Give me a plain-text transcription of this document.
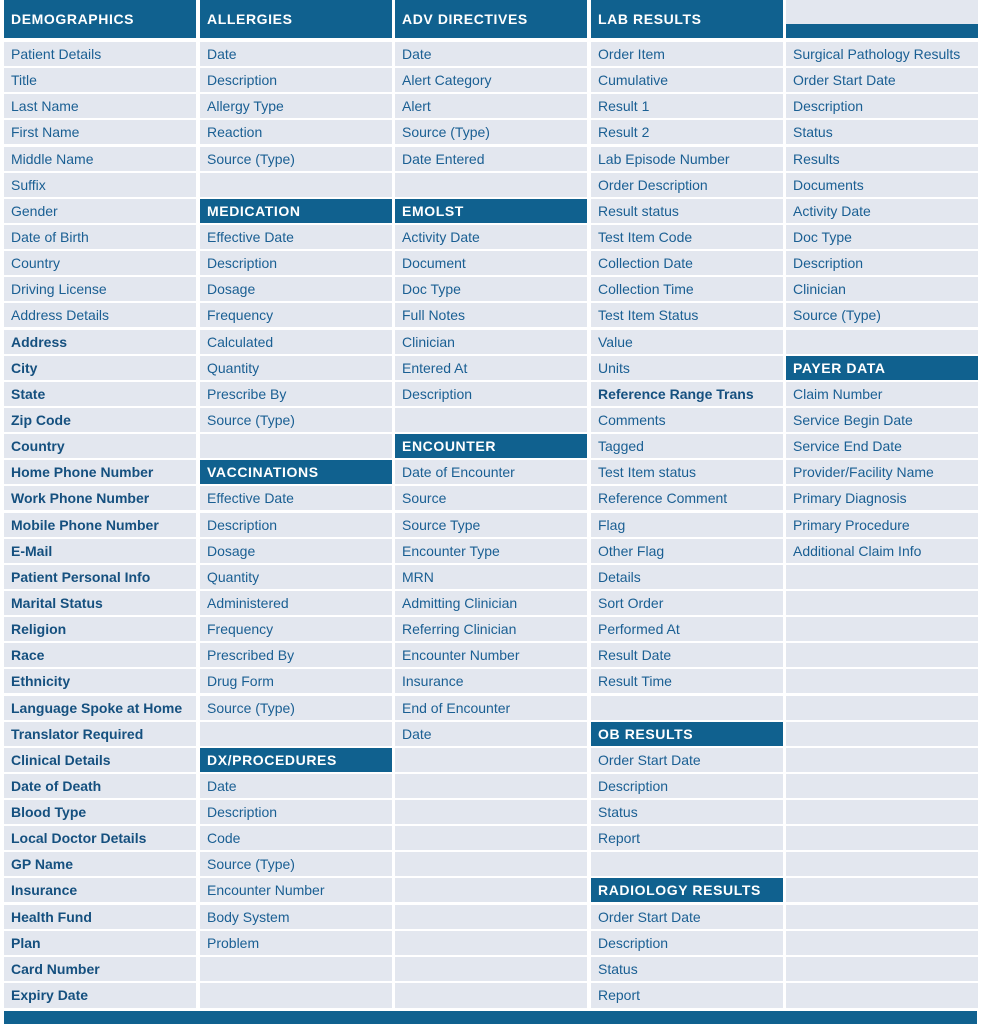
DEMOGRAPHICS
Patient Details
Title
Last Name
First Name
Middle Name
Suffix
Gender
Date of Birth
Country
Driving License
Address Details
Address
City
State
Zip Code
Country
Home Phone Number
Work Phone Number
Mobile Phone Number
E-Mail
Patient Personal Info
Marital Status
Religion
Race
Ethnicity
Language Spoke at Home
Translator Required
Clinical Details
Date of Death
Blood Type
Local Doctor Details
GP Name
Insurance
Health Fund
Plan
Card Number
Expiry Date
ALLERGIES
Date
Description
Allergy Type
Reaction
Source (Type)
MEDICATION
Effective Date
Description
Dosage
Frequency
Calculated
Quantity
Prescribe By
Source (Type)
VACCINATIONS
Effective Date
Description
Dosage
Quantity
Administered
Frequency
Prescribed By
Drug Form
Source (Type)
DX/PROCEDURES
Date
Description
Code
Source (Type)
Encounter Number
Body System
Problem
ADV DIRECTIVES
Date
Alert Category
Alert
Source (Type)
Date Entered
EMOLST
Activity Date
Document
Doc Type
Full Notes
Clinician
Entered At
Description
ENCOUNTER
Date of Encounter
Source
Source Type
Encounter Type
MRN
Admitting Clinician
Referring Clinician
Encounter Number
Insurance
End of Encounter
Date
LAB RESULTS
Order Item
Cumulative
Result 1
Result 2
Lab Episode Number
Order Description
Result status
Test Item Code
Collection Date
Collection Time
Test Item Status
Value
Units
Reference Range Trans
Comments
Tagged
Test Item status
Reference Comment
Flag
Other Flag
Details
Sort Order
Performed At
Result Date
Result Time
OB RESULTS
Order Start Date
Description
Status
Report
RADIOLOGY RESULTS
Order Start Date
Description
Status
Report
Surgical Pathology Results
Order Start Date
Description
Status
Results
Documents
Activity Date
Doc Type
Description
Clinician
Source (Type)
PAYER DATA
Claim Number
Service Begin Date
Service End Date
Provider/Facility Name
Primary Diagnosis
Primary Procedure
Additional Claim Info
